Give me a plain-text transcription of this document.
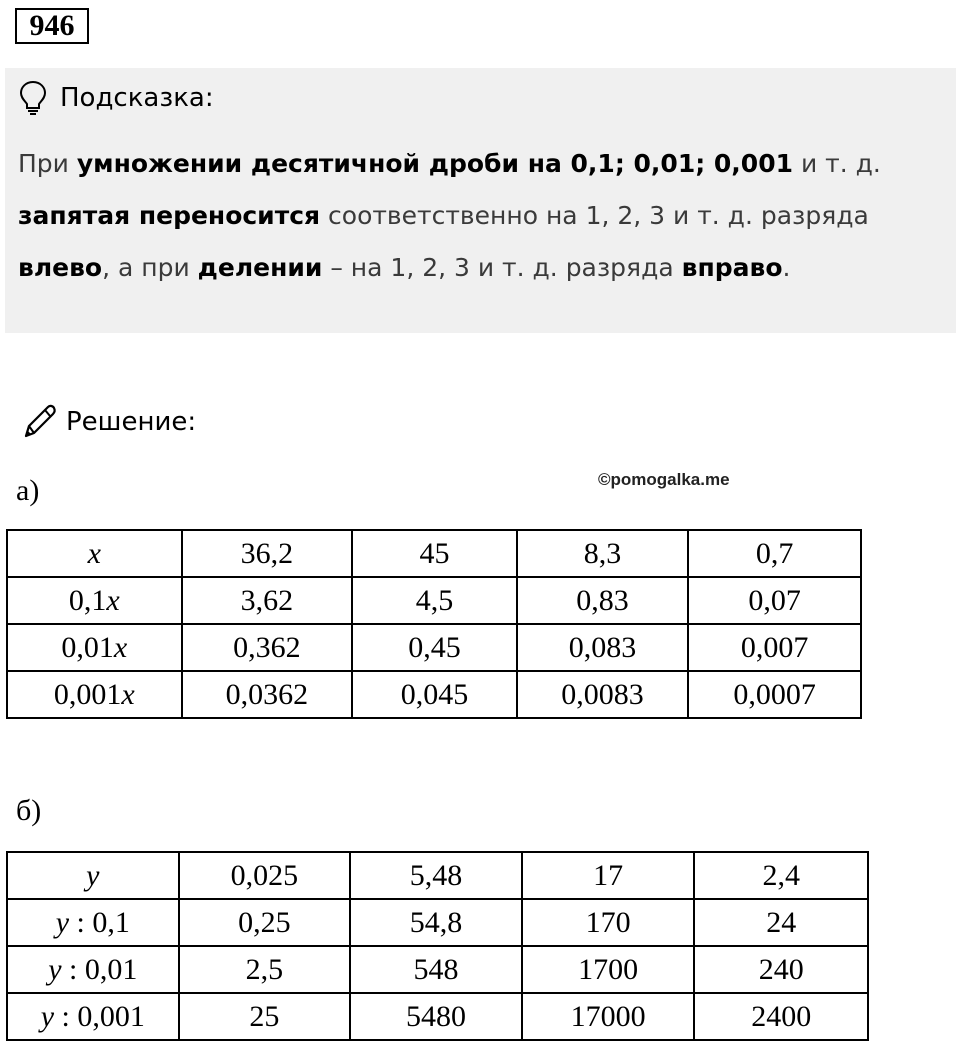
946
Подсказка:
При умножении десятичной дроби на 0,1; 0,01; 0,001 и т. д.
запятая переносится соответственно на 1, 2, 3 и т. д. разряда
влево, а при делении – на 1, 2, 3 и т. д. разряда вправо.
Решение:
а)	©pomogalka.me
x	36,2	45	8,3	0,7
0,1x	3,62	4,5	0,83	0,07
0,01x	0,362	0,45	0,083	0,007
0,001x	0,0362	0,045	0,0083	0,0007
б)
y	0,025	5,48	17	2,4
y : 0,1	0,25	54,8	170	24
y : 0,01	2,5	548	1700	240
y : 0,001	25	5480	17000	2400
